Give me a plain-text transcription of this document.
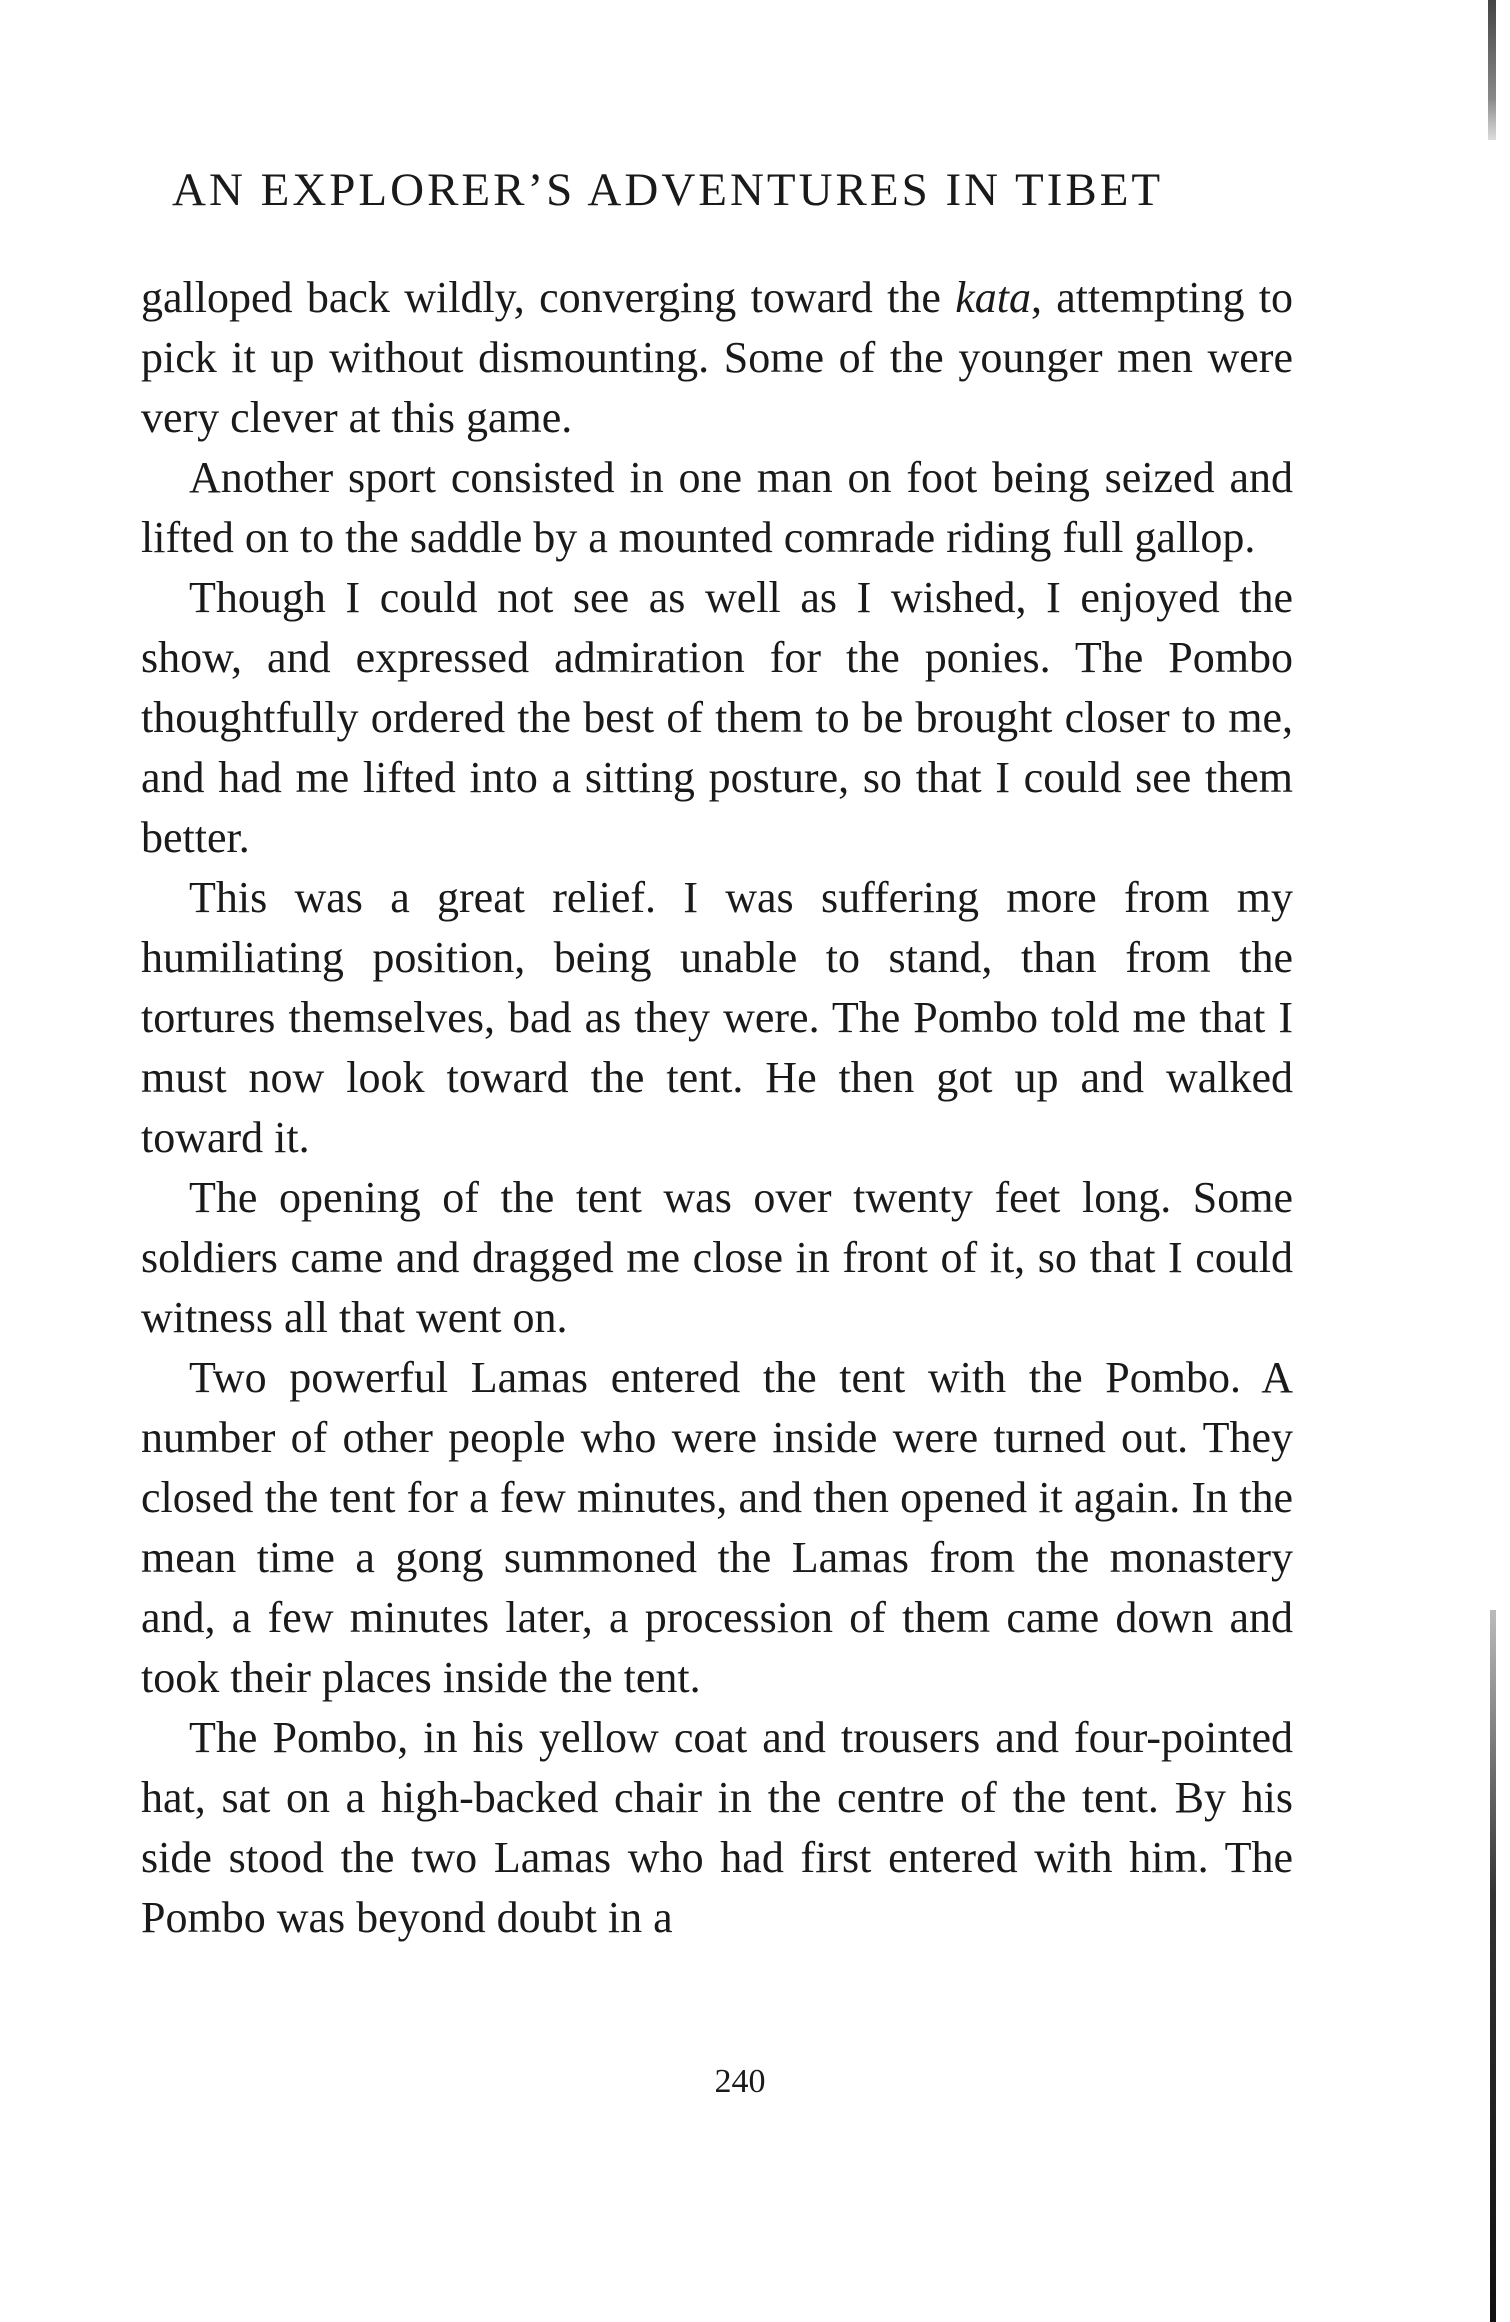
AN EXPLORER’S ADVENTURES IN TIBET

galloped back wildly, converging toward the kata, attempting to pick it up without dismounting. Some of the younger men were very clever at this game.

Another sport consisted in one man on foot being seized and lifted on to the saddle by a mounted comrade riding full gallop.

Though I could not see as well as I wished, I enjoyed the show, and expressed admiration for the ponies. The Pombo thoughtfully ordered the best of them to be brought closer to me, and had me lifted into a sitting posture, so that I could see them better.

This was a great relief. I was suffering more from my humiliating position, being unable to stand, than from the tortures themselves, bad as they were. The Pombo told me that I must now look toward the tent. He then got up and walked toward it.

The opening of the tent was over twenty feet long. Some soldiers came and dragged me close in front of it, so that I could witness all that went on.

Two powerful Lamas entered the tent with the Pombo. A number of other people who were inside were turned out. They closed the tent for a few minutes, and then opened it again. In the mean time a gong summoned the Lamas from the monastery and, a few minutes later, a procession of them came down and took their places inside the tent.

The Pombo, in his yellow coat and trousers and four-pointed hat, sat on a high-backed chair in the centre of the tent. By his side stood the two Lamas who had first entered with him. The Pombo was beyond doubt in a

240
